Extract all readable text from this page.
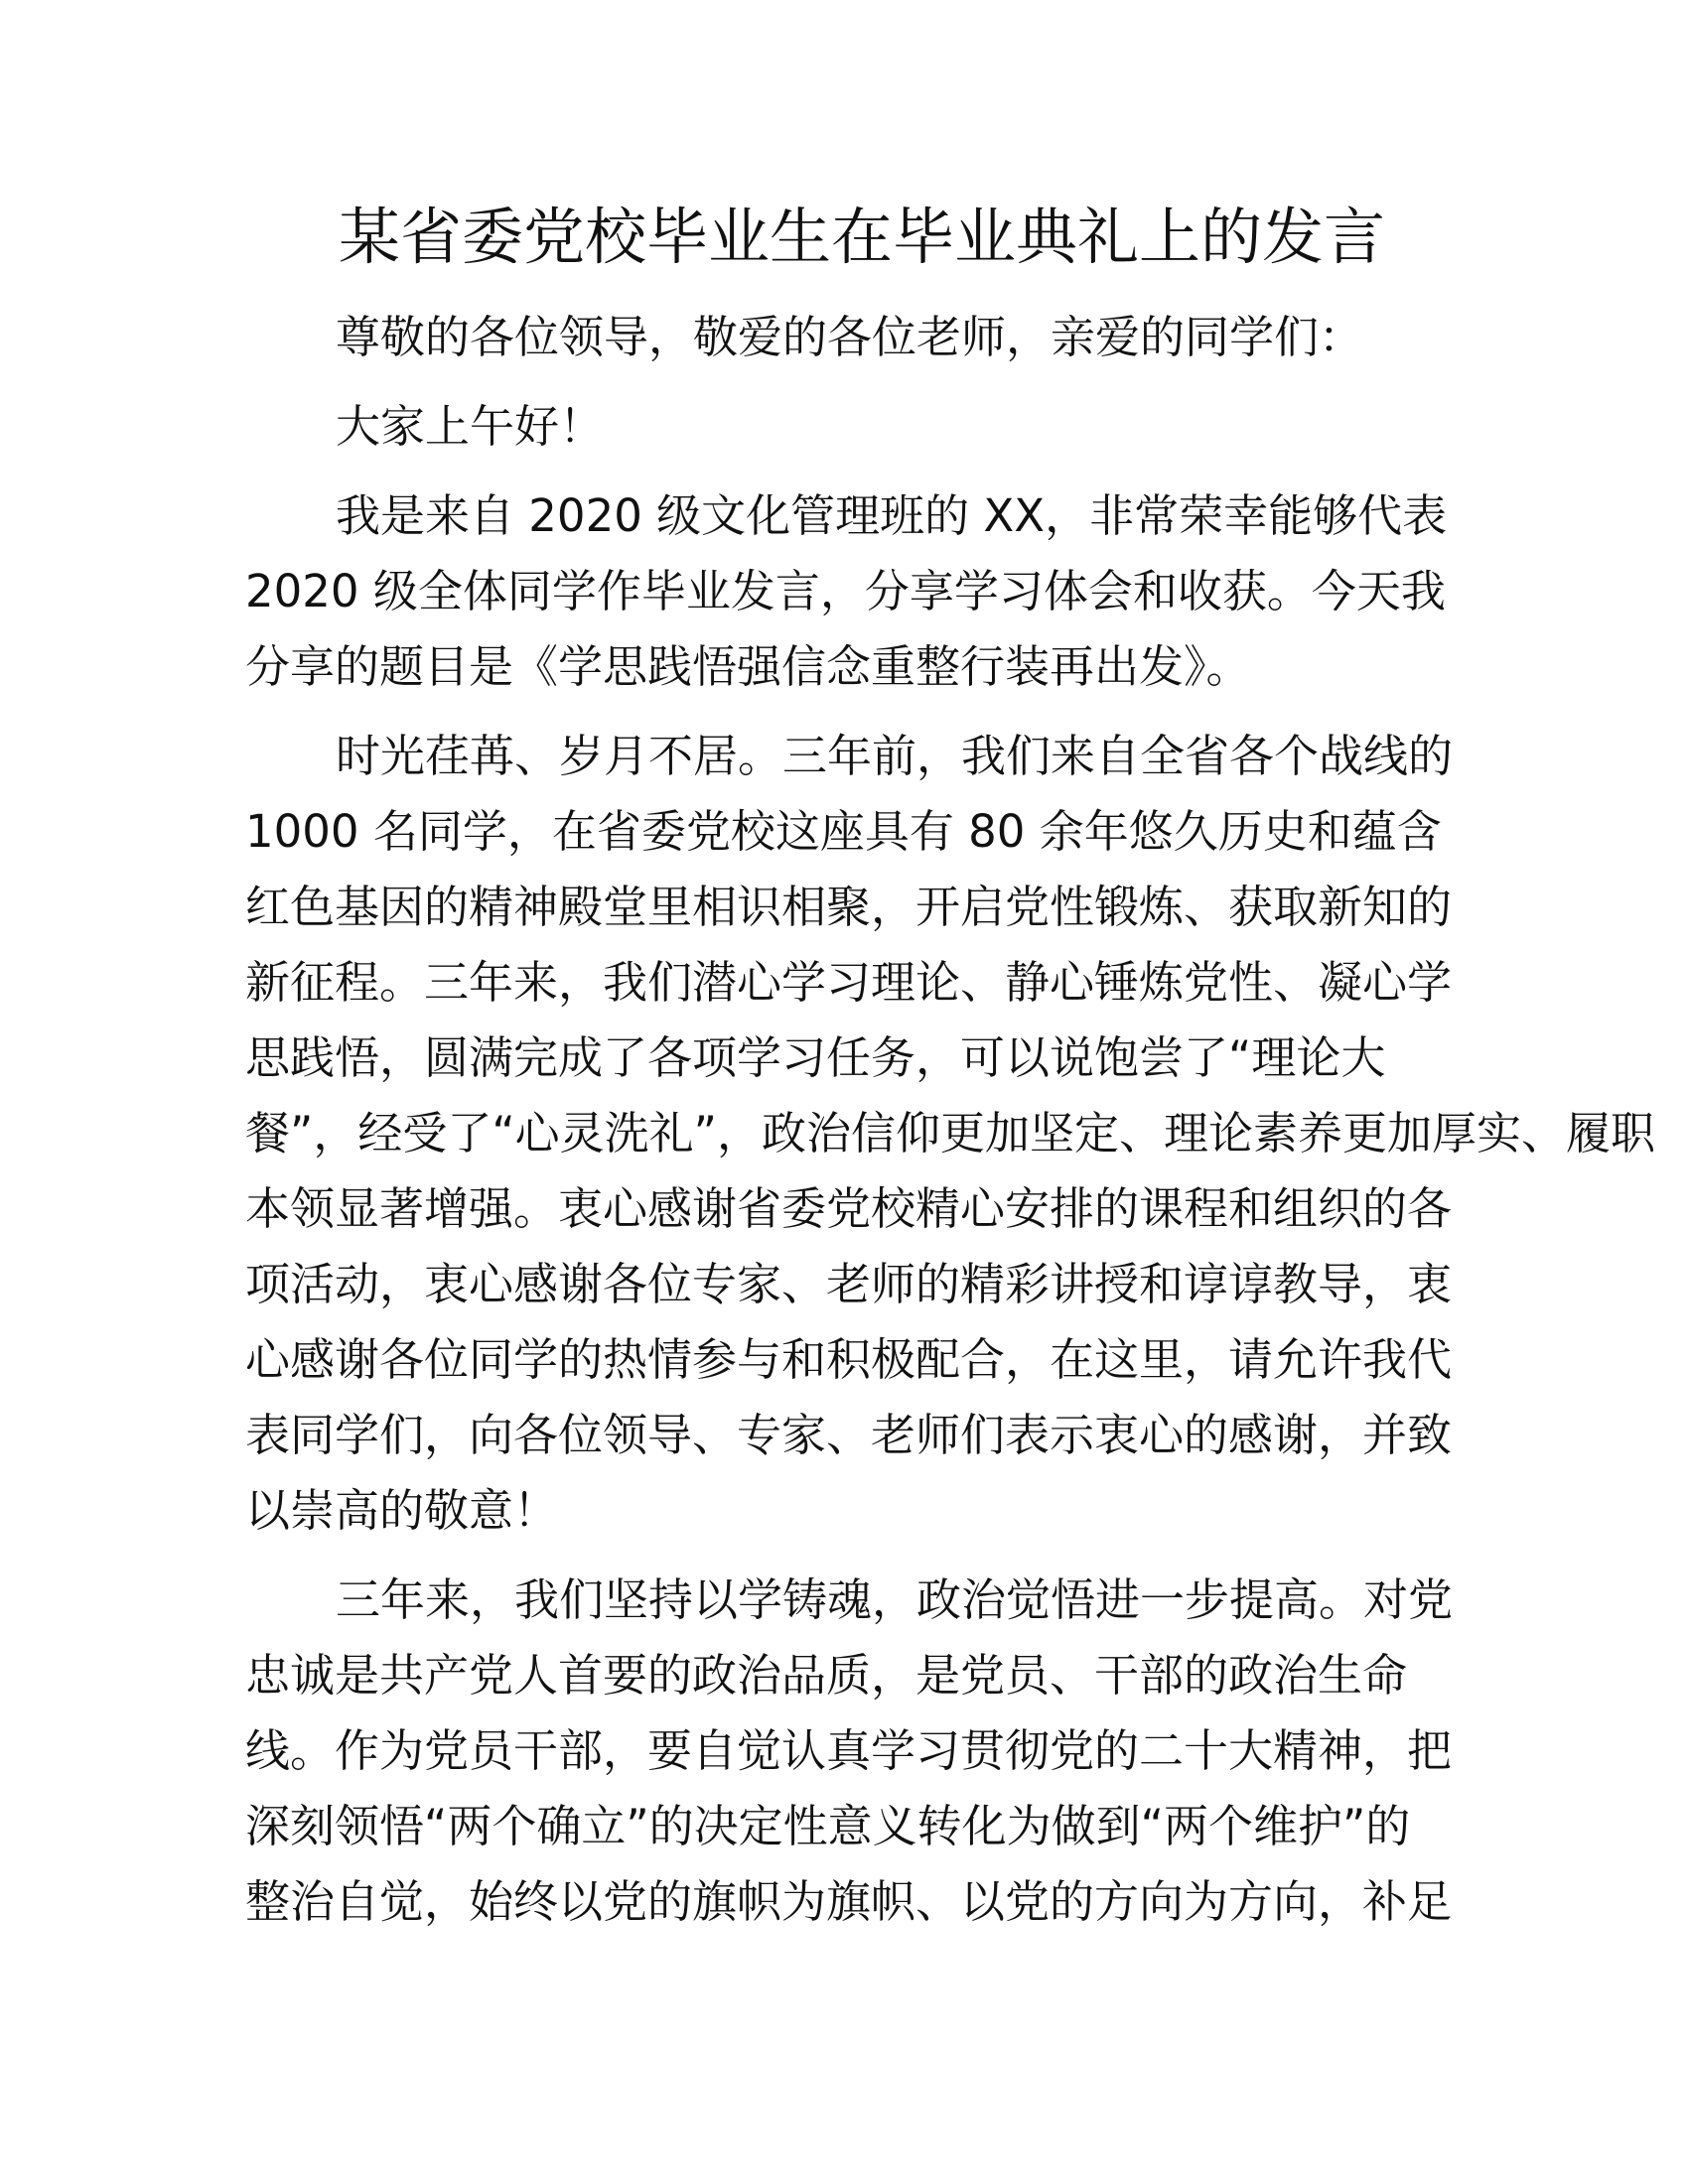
某省委党校毕业生在毕业典礼上的发言
尊敬的各位领导，敬爱的各位老师，亲爱的同学们：
大家上午好！
我是来自 2020 级文化管理班的 XX，非常荣幸能够代表
2020 级全体同学作毕业发言，分享学习体会和收获。今天我
分享的题目是《学思践悟强信念重整行装再出发》。
时光荏苒、岁月不居。三年前，我们来自全省各个战线的
1000 名同学，在省委党校这座具有 80 余年悠久历史和蕴含
红色基因的精神殿堂里相识相聚，开启党性锻炼、获取新知的
新征程。三年来，我们潜心学习理论、静心锤炼党性、凝心学
思践悟，圆满完成了各项学习任务，可以说饱尝了“理论大
餐”，经受了“心灵洗礼”，政治信仰更加坚定、理论素养更加厚实、履职
本领显著增强。衷心感谢省委党校精心安排的课程和组织的各
项活动，衷心感谢各位专家、老师的精彩讲授和谆谆教导，衷
心感谢各位同学的热情参与和积极配合，在这里，请允许我代
表同学们，向各位领导、专家、老师们表示衷心的感谢，并致
以崇高的敬意！
三年来，我们坚持以学铸魂，政治觉悟进一步提高。对党
忠诚是共产党人首要的政治品质，是党员、干部的政治生命
线。作为党员干部，要自觉认真学习贯彻党的二十大精神，把
深刻领悟“两个确立”的决定性意义转化为做到“两个维护”的
整治自觉，始终以党的旗帜为旗帜、以党的方向为方向，补足
